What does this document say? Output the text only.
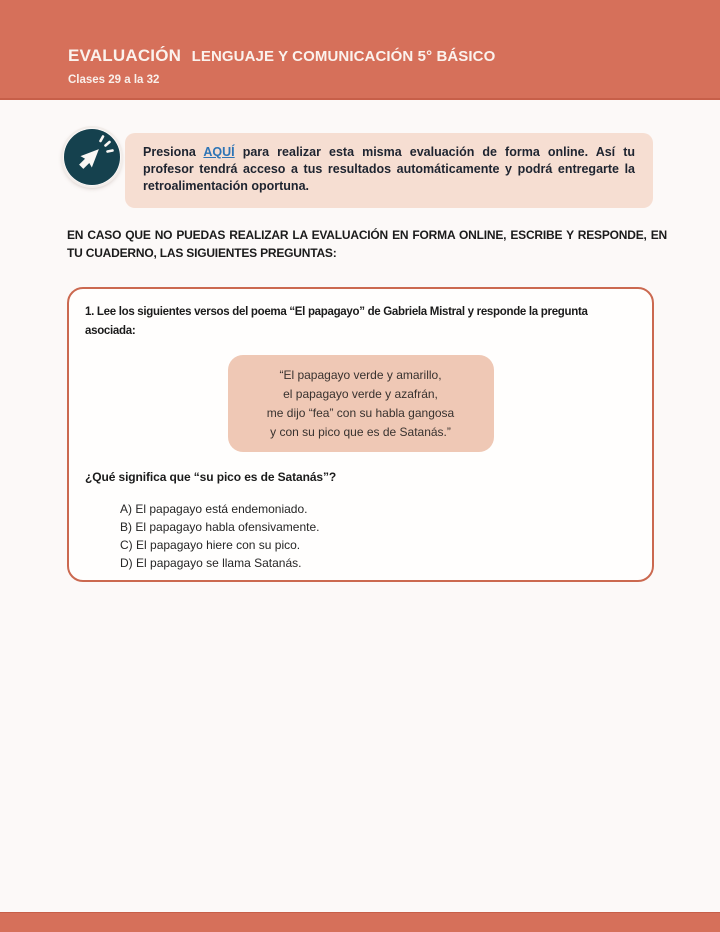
EVALUACIÓN LENGUAJE Y COMUNICACIÓN 5° BÁSICO
Clases 29 a la 32

Presiona AQUÍ para realizar esta misma evaluación de forma online. Así tu profesor tendrá acceso a tus resultados automáticamente y podrá entregarte la retroalimentación oportuna.

EN CASO QUE NO PUEDAS REALIZAR LA EVALUACIÓN EN FORMA ONLINE, ESCRIBE Y RESPONDE, EN TU CUADERNO, LAS SIGUIENTES PREGUNTAS:

1. Lee los siguientes versos del poema “El papagayo” de Gabriela Mistral y responde la pregunta asociada:

“El papagayo verde y amarillo,
el papagayo verde y azafrán,
me dijo “fea” con su habla gangosa
y con su pico que es de Satanás.”

¿Qué significa que “su pico es de Satanás”?

A) El papagayo está endemoniado.
B) El papagayo habla ofensivamente.
C) El papagayo hiere con su pico.
D) El papagayo se llama Satanás.
